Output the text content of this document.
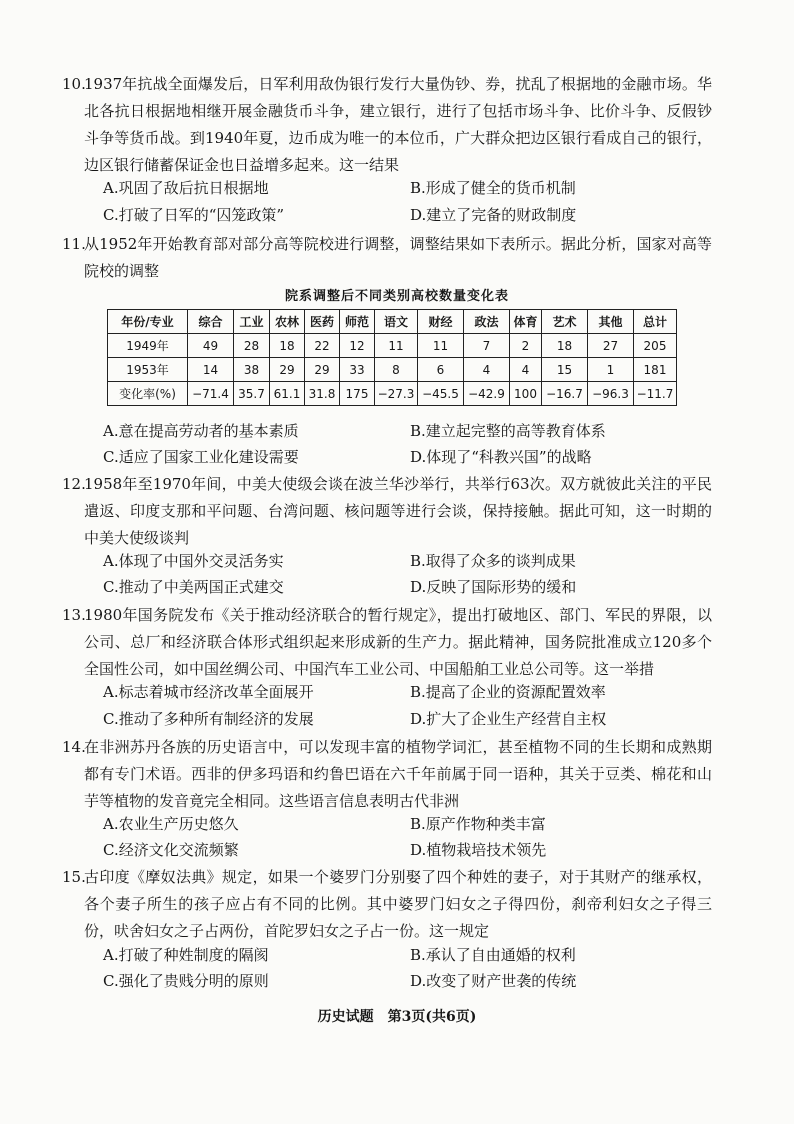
10.
1937年抗战全面爆发后，日军利用敌伪银行发行大量伪钞、券，扰乱了根据地的金融市场。华北各抗日根据地相继开展金融货币斗争，建立银行，进行了包括市场斗争、比价斗争、反假钞斗争等货币战。到1940年夏，边币成为唯一的本位币，广大群众把边区银行看成自己的银行，边区银行储蓄保证金也日益增多起来。这一结果
A.巩固了敌后抗日根据地	B.形成了健全的货币机制
C.打破了日军的“囚笼政策”	D.建立了完备的财政制度
11.
从1952年开始教育部对部分高等院校进行调整，调整结果如下表所示。据此分析，国家对高等院校的调整
院系调整后不同类别高校数量变化表
年份/专业	综合	工业	农林	医药	师范	语文	财经	政法	体育	艺术	其他	总计
1949年	49	28	18	22	12	11	11	7	2	18	27	205
1953年	14	38	29	29	33	8	6	4	4	15	1	181
变化率(%)	−71.4	35.7	61.1	31.8	175	−27.3	−45.5	−42.9	100	−16.7	−96.3	−11.7
A.意在提高劳动者的基本素质	B.建立起完整的高等教育体系
C.适应了国家工业化建设需要	D.体现了“科教兴国”的战略
12.
1958年至1970年间，中美大使级会谈在波兰华沙举行，共举行63次。双方就彼此关注的平民遣返、印度支那和平问题、台湾问题、核问题等进行会谈，保持接触。据此可知，这一时期的中美大使级谈判
A.体现了中国外交灵活务实	B.取得了众多的谈判成果
C.推动了中美两国正式建交	D.反映了国际形势的缓和
13.
1980年国务院发布《关于推动经济联合的暂行规定》，提出打破地区、部门、军民的界限，以公司、总厂和经济联合体形式组织起来形成新的生产力。据此精神，国务院批准成立120多个全国性公司，如中国丝绸公司、中国汽车工业公司、中国船舶工业总公司等。这一举措
A.标志着城市经济改革全面展开	B.提高了企业的资源配置效率
C.推动了多种所有制经济的发展	D.扩大了企业生产经营自主权
14.
在非洲苏丹各族的历史语言中，可以发现丰富的植物学词汇，甚至植物不同的生长期和成熟期都有专门术语。西非的伊多玛语和约鲁巴语在六千年前属于同一语种，其关于豆类、棉花和山芋等植物的发音竟完全相同。这些语言信息表明古代非洲
A.农业生产历史悠久	B.原产作物种类丰富
C.经济文化交流频繁	D.植物栽培技术领先
15.
古印度《摩奴法典》规定，如果一个婆罗门分别娶了四个种姓的妻子，对于其财产的继承权，各个妻子所生的孩子应占有不同的比例。其中婆罗门妇女之子得四份，刹帝利妇女之子得三份，吠舍妇女之子占两份，首陀罗妇女之子占一份。这一规定
A.打破了种姓制度的隔阂	B.承认了自由通婚的权利
C.强化了贵贱分明的原则	D.改变了财产世袭的传统
历史试题　第3页(共6页)
